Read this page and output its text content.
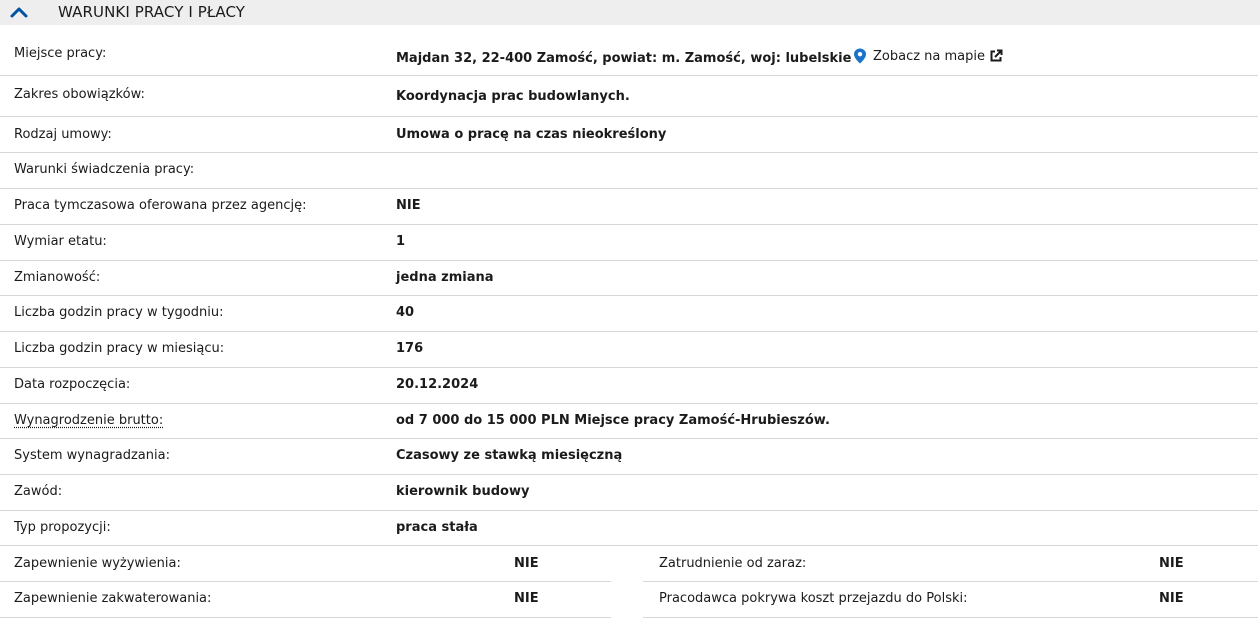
WARUNKI PRACY I PŁACY
Miejsce pracy:	Majdan 32, 22-400 Zamość, powiat: m. Zamość, woj: lubelskie Zobacz na mapie
Zakres obowiązków:	Koordynacja prac budowlanych.
Rodzaj umowy:	Umowa o pracę na czas nieokreślony
Warunki świadczenia pracy:
Praca tymczasowa oferowana przez agencję:	NIE
Wymiar etatu:	1
Zmianowość:	jedna zmiana
Liczba godzin pracy w tygodniu:	40
Liczba godzin pracy w miesiącu:	176
Data rozpoczęcia:	20.12.2024
Wynagrodzenie brutto:	od 7 000 do 15 000 PLN Miejsce pracy Zamość-Hrubieszów.
System wynagradzania:	Czasowy ze stawką miesięczną
Zawód:	kierownik budowy
Typ propozycji:	praca stała
Zapewnienie wyżywienia:	NIE	Zatrudnienie od zaraz:	NIE
Zapewnienie zakwaterowania:	NIE	Pracodawca pokrywa koszt przejazdu do Polski:	NIE
